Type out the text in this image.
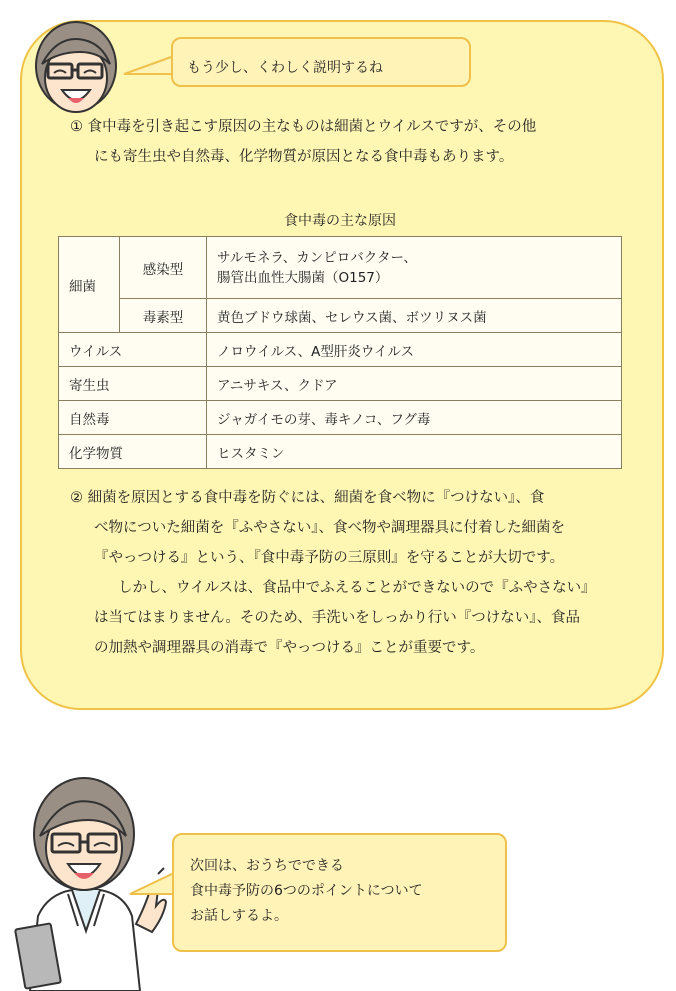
もう少し、くわしく説明するね
① 食中毒を引き起こす原因の主なものは細菌とウイルスですが、その他
にも寄生虫や自然毒、化学物質が原因となる食中毒もあります。
食中毒の主な原因
細菌	感染型	サルモネラ、カンピロバクター、
腸管出血性大腸菌（O157）

	毒素型	黄色ブドウ球菌、セレウス菌、ボツリヌス菌
ウイルス		ノロウイルス、A型肝炎ウイルス
寄生虫		アニサキス、クドア
自然毒		ジャガイモの芽、毒キノコ、フグ毒
化学物質		ヒスタミン
② 細菌を原因とする食中毒を防ぐには、細菌を食べ物に『つけない』、食
べ物についた細菌を『ふやさない』、食べ物や調理器具に付着した細菌を
『やっつける』という、『食中毒予防の三原則』を守ることが大切です。
しかし、ウイルスは、食品中でふえることができないので『ふやさない』
は当てはまりません。そのため、手洗いをしっかり行い『つけない』、食品
の加熱や調理器具の消毒で『やっつける』ことが重要です。
次回は、おうちでできる
食中毒予防の6つのポイントについて
お話しするよ。
